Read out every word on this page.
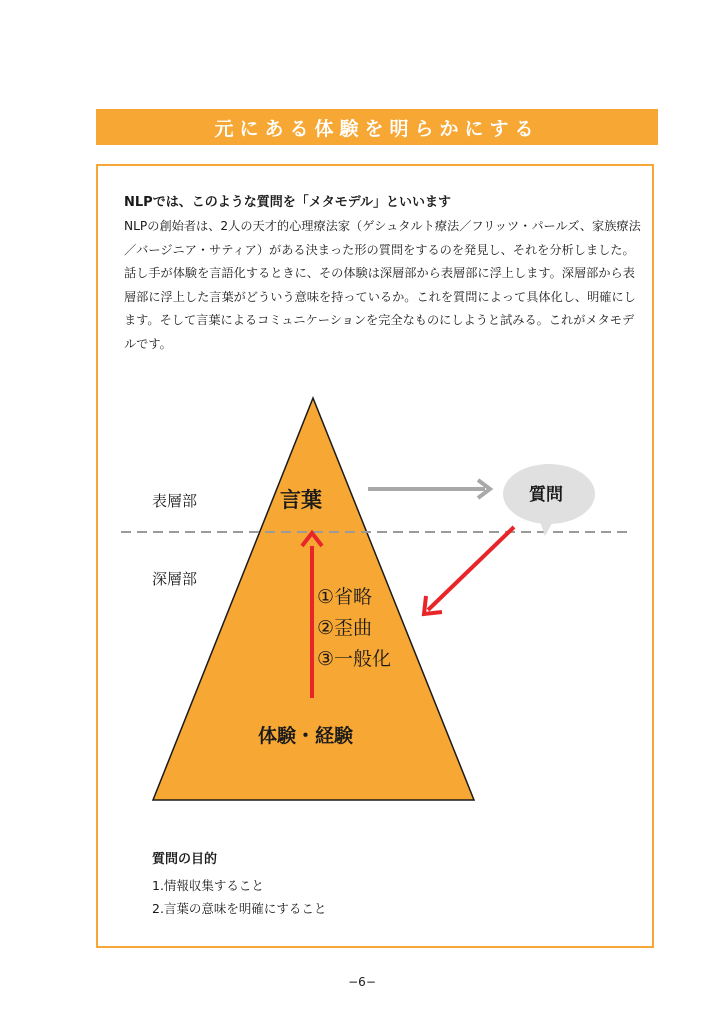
元にある体験を明らかにする
NLPでは、このような質問を「メタモデル」といいます

NLPの創始者は、2人の天才的心理療法家（ゲシュタルト療法／フリッツ・パールズ、家族療法／バージニア・サティア）がある決まった形の質問をするのを発見し、それを分析しました。

話し手が体験を言語化するときに、その体験は深層部から表層部に浮上します。深層部から表層部に浮上した言葉がどういう意味を持っているか。これを質問によって具体化し、明確にします。そして言葉によるコミュニケーションを完全なものにしようと試みる。これがメタモデルです。

表層部
深層部
言葉	質問
①省略
②歪曲
③一般化
体験・経験
質問の目的
1.情報収集すること
2.言葉の意味を明確にすること
−6−
